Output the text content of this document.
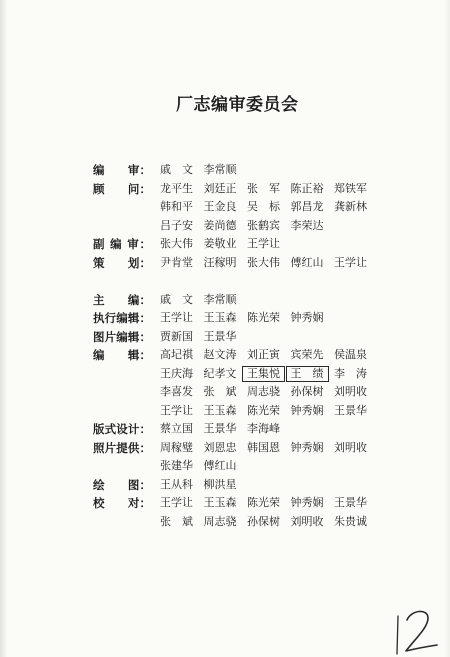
厂志编审委员会
编　　审： 戚　文 李常顺
顾　　问： 龙平生 刘廷正 张　军 陈正裕 郑铁军
韩和平 王金良 吴　标 郭昌龙 龚新林
吕子安 姜尚德 张鹤宾 李荣达
副 编 审： 张大伟 姜敬业 王学让
策　　划： 尹肯堂 汪稼明 张大伟 傅红山 王学让
主　　编： 戚　文 李常顺
执行编辑： 王学让 王玉森 陈光荣 钟秀娴
图片编辑： 贾新国 王景华
编　　辑： 高圮祺 赵文涛 刘正寅 宾荣先 侯温泉
王庆海 纪孝文 王集悦 王　绩 李　涛
李喜发 张　斌 周志骁 孙保树 刘明收
王学让 王玉森 陈光荣 钟秀娴 王景华
版式设计： 蔡立国 王景华 李海峰
照片提供： 周稼璧 刘恩忠 韩国恩 钟秀娴 刘明收
张建华 傅红山
绘　　图： 王从科 柳洪星
校　　对： 王学让 王玉森 陈光荣 钟秀娴 王景华
张　斌 周志骁 孙保树 刘明收 朱贵诚
